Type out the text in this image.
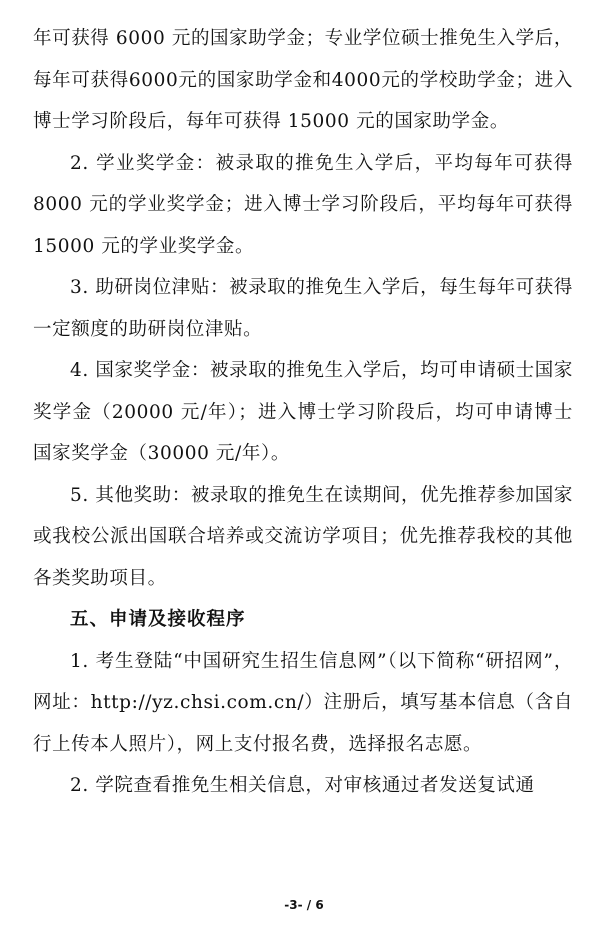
年可获得 6000 元的国家助学金；专业学位硕士推免生入学后，每年可获得6000元的国家助学金和4000元的学校助学金；进入博士学习阶段后，每年可获得 15000 元的国家助学金。

2. 学业奖学金：被录取的推免生入学后，平均每年可获得 8000 元的学业奖学金；进入博士学习阶段后，平均每年可获得 15000 元的学业奖学金。

3. 助研岗位津贴：被录取的推免生入学后，每生每年可获得一定额度的助研岗位津贴。

4. 国家奖学金：被录取的推免生入学后，均可申请硕士国家奖学金（20000 元/年）；进入博士学习阶段后，均可申请博士国家奖学金（30000 元/年）。

5. 其他奖助：被录取的推免生在读期间，优先推荐参加国家或我校公派出国联合培养或交流访学项目；优先推荐我校的其他各类奖助项目。

五、申请及接收程序

1. 考生登陆“中国研究生招生信息网”（以下简称“研招网”，网址：http://yz.chsi.com.cn/）注册后，填写基本信息（含自行上传本人照片），网上支付报名费，选择报名志愿。

2. 学院查看推免生相关信息，对审核通过者发送复试通

-3- / 6
